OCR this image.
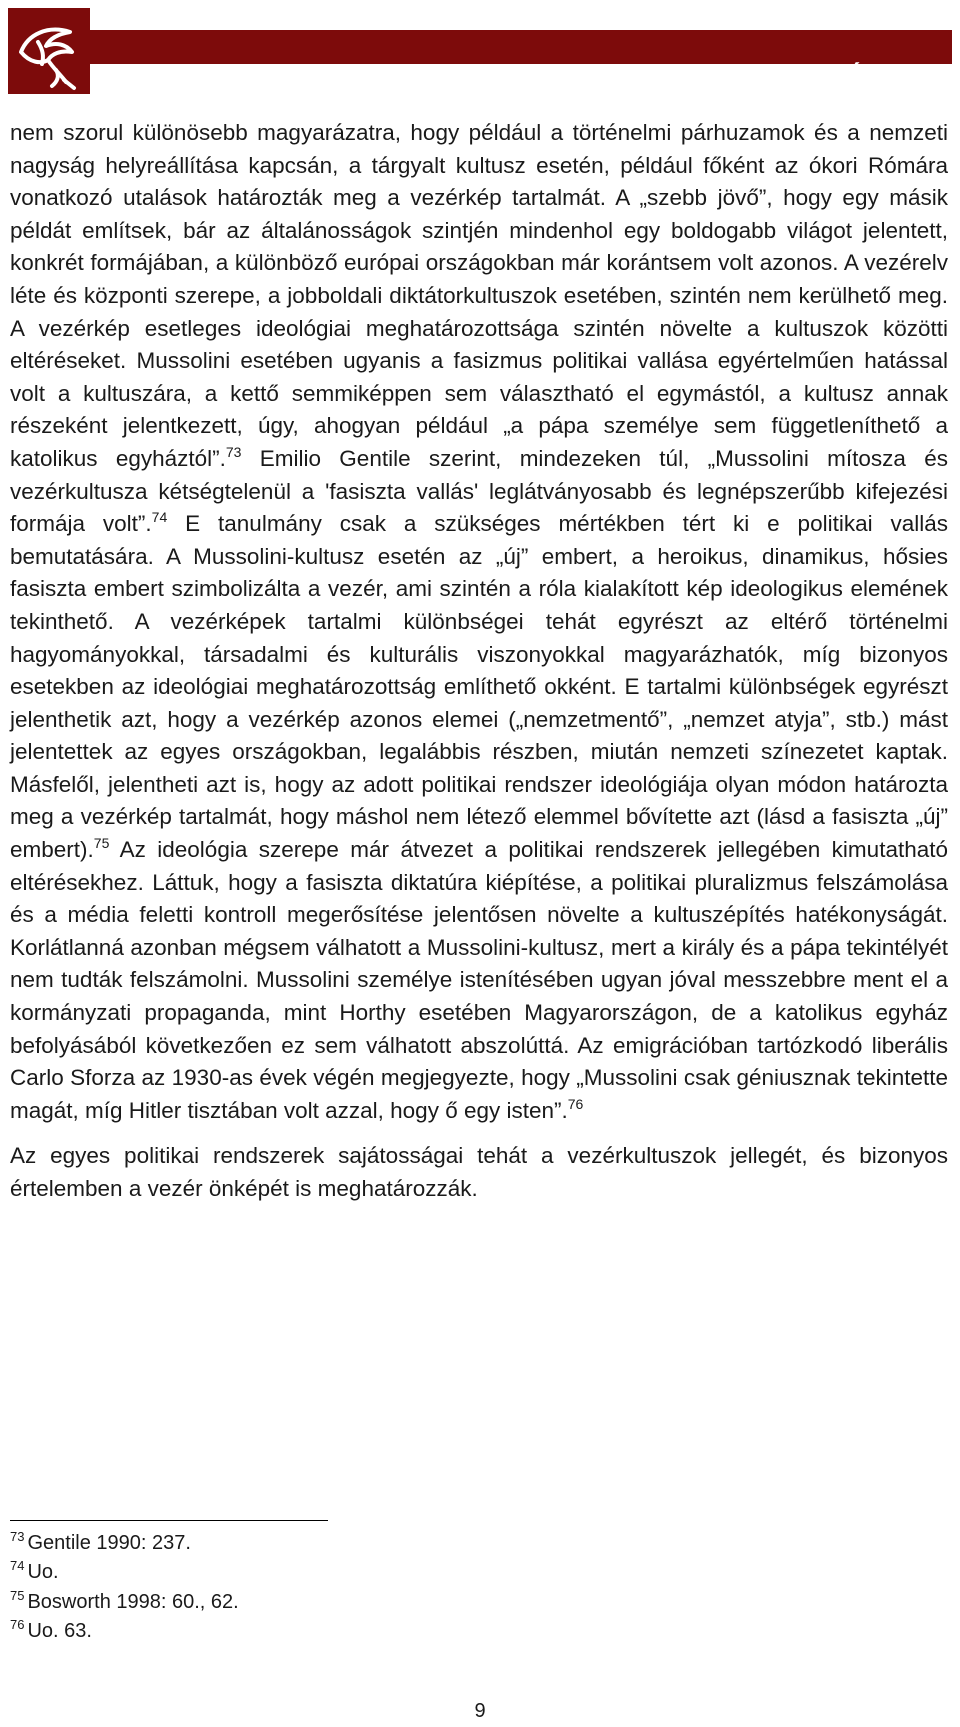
GROTIUS – TANULMÁNYOK

nem szorul különösebb magyarázatra, hogy például a történelmi párhuzamok és a nemzeti nagyság helyreállítása kapcsán, a tárgyalt kultusz esetén, például főként az ókori Rómára vonatkozó utalások határozták meg a vezérkép tartalmát. A „szebb jövő”, hogy egy másik példát említsek, bár az általánosságok szintjén mindenhol egy boldogabb világot jelentett, konkrét formájában, a különböző európai országokban már korántsem volt azonos. A vezérelv léte és központi szerepe, a jobboldali diktátorkultuszok esetében, szintén nem kerülhető meg. A vezérkép esetleges ideológiai meghatározottsága szintén növelte a kultuszok közötti eltéréseket. Mussolini esetében ugyanis a fasizmus politikai vallása egyértelműen hatással volt a kultuszára, a kettő semmiképpen sem választható el egymástól, a kultusz annak részeként jelentkezett, úgy, ahogyan például „a pápa személye sem függetleníthető a katolikus egyháztól”.$^{73}$ Emilio Gentile szerint, mindezeken túl, „Mussolini mítosza és vezérkultusza kétségtelenül a 'fasiszta vallás' leglátványosabb és legnépszerűbb kifejezési formája volt”.$^{74}$ E tanulmány csak a szükséges mértékben tért ki e politikai vallás bemutatására. A Mussolini-kultusz esetén az „új” embert, a heroikus, dinamikus, hősies fasiszta embert szimbolizálta a vezér, ami szintén a róla kialakított kép ideologikus elemének tekinthető. A vezérképek tartalmi különbségei tehát egyrészt az eltérő történelmi hagyományokkal, társadalmi és kulturális viszonyokkal magyarázhatók, míg bizonyos esetekben az ideológiai meghatározottság említhető okként. E tartalmi különbségek egyrészt jelenthetik azt, hogy a vezérkép azonos elemei („nemzetmentő”, „nemzet atyja”, stb.) mást jelentettek az egyes országokban, legalábbis részben, miután nemzeti színezetet kaptak. Másfelől, jelentheti azt is, hogy az adott politikai rendszer ideológiája olyan módon határozta meg a vezérkép tartalmát, hogy máshol nem létező elemmel bővítette azt (lásd a fasiszta „új” embert).$^{75}$ Az ideológia szerepe már átvezet a politikai rendszerek jellegében kimutatható eltérésekhez. Láttuk, hogy a fasiszta diktatúra kiépítése, a politikai pluralizmus felszámolása és a média feletti kontroll megerősítése jelentősen növelte a kultuszépítés hatékonyságát. Korlátlanná azonban mégsem válhatott a Mussolini-kultusz, mert a király és a pápa tekintélyét nem tudták felszámolni. Mussolini személye istenítésében ugyan jóval messzebbre ment el a kormányzati propaganda, mint Horthy esetében Magyarországon, de a katolikus egyház befolyásából következően ez sem válhatott abszolúttá. Az emigrációban tartózkodó liberális Carlo Sforza az 1930-as évek végén megjegyezte, hogy „Mussolini csak géniusznak tekintette magát, míg Hitler tisztában volt azzal, hogy ő egy isten”.$^{76}$

Az egyes politikai rendszerek sajátosságai tehát a vezérkultuszok jellegét, és bizonyos értelemben a vezér önképét is meghatározzák.

$^{73}$ Gentile 1990: 237.
$^{74}$ Uo.
$^{75}$ Bosworth 1998: 60., 62.
$^{76}$ Uo. 63.
9
